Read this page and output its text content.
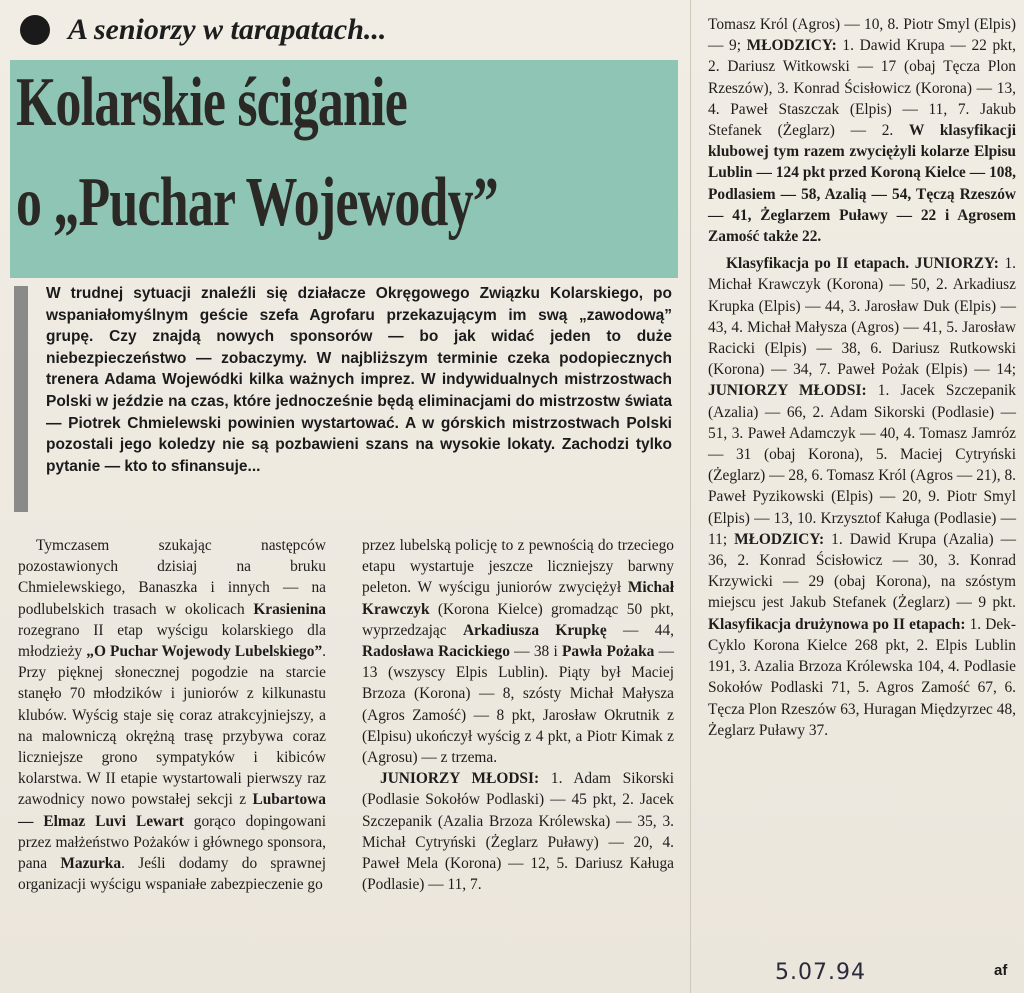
A seniorzy w tarapatach...
Kolarskie ściganie
o „Puchar Wojewody”
W trudnej sytuacji znaleźli się działacze Okręgowego Związku Kolarskiego, po wspaniałomyślnym geście szefa Agrofaru przekazującym im swą „zawodową” grupę. Czy znajdą nowych sponsorów — bo jak widać jeden to duże niebezpieczeństwo — zobaczymy. W najbliższym terminie czeka podopiecznych trenera Adama Wojewódki kilka ważnych imprez. W indywidualnych mistrzostwach Polski w jeździe na czas, które jednocześnie będą eliminacjami do mistrzostw świata — Piotrek Chmielewski powinien wystartować. A w górskich mistrzostwach Polski pozostali jego koledzy nie są pozbawieni szans na wysokie lokaty. Zachodzi tylko pytanie — kto to sfinansuje...

Tymczasem szukając następców pozostawionych dzisiaj na bruku Chmielewskiego, Banaszka i innych — na podlubelskich trasach w okolicach Krasienina rozegrano II etap wyścigu kolarskiego dla młodzieży „O Puchar Wojewody Lubelskiego”. Przy pięknej słonecznej pogodzie na starcie stanęło 70 młodzików i juniorów z kilkunastu klubów. Wyścig staje się coraz atrakcyjniejszy, a na malowniczą okrężną trasę przybywa coraz liczniejsze grono sympatyków i kibiców kolarstwa. W II etapie wystartowali pierwszy raz zawodnicy nowo powstałej sekcji z Lubartowa — Elmaz Luvi Lewart gorąco dopingowani przez małżeństwo Pożaków i głównego sponsora, pana Mazurka. Jeśli dodamy do sprawnej organizacji wyścigu wspaniałe zabezpieczenie go

przez lubelską policję to z pewnością do trzeciego etapu wystartuje jeszcze liczniejszy barwny peleton. W wyścigu juniorów zwyciężył Michał Krawczyk (Korona Kielce) gromadząc 50 pkt, wyprzedzając Arkadiusza Krupkę — 44, Radosława Racickiego — 38 i Pawła Pożaka — 13 (wszyscy Elpis Lublin). Piąty był Maciej Brzoza (Korona) — 8, szósty Michał Małysza (Agros Zamość) — 8 pkt, Jarosław Okrutnik z (Elpisu) ukończył wyścig z 4 pkt, a Piotr Kimak z (Agrosu) — z trzema.

JUNIORZY MŁODSI: 1. Adam Sikorski (Podlasie Sokołów Podlaski) — 45 pkt, 2. Jacek Szczepanik (Azalia Brzoza Królewska) — 35, 3. Michał Cytryński (Żeglarz Puławy) — 20, 4. Paweł Mela (Korona) — 12, 5. Dariusz Kaługa (Podlasie) — 11, 7.

Tomasz Król (Agros) — 10, 8. Piotr Smyl (Elpis) — 9; MŁODZICY: 1. Dawid Krupa — 22 pkt, 2. Dariusz Witkowski — 17 (obaj Tęcza Plon Rzeszów), 3. Konrad Ścisłowicz (Korona) — 13, 4. Paweł Staszczak (Elpis) — 11, 7. Jakub Stefanek (Żeglarz) — 2. W klasyfikacji klubowej tym razem zwyciężyli kolarze Elpisu Lublin — 124 pkt przed Koroną Kielce — 108, Podlasiem — 58, Azalią — 54, Tęczą Rzeszów — 41, Żeglarzem Puławy — 22 i Agrosem Zamość także 22.

Klasyfikacja po II etapach. JUNIORZY: 1. Michał Krawczyk (Korona) — 50, 2. Arkadiusz Krupka (Elpis) — 44, 3. Jarosław Duk (Elpis) — 43, 4. Michał Małysza (Agros) — 41, 5. Jarosław Racicki (Elpis) — 38, 6. Dariusz Rutkowski (Korona) — 34, 7. Paweł Pożak (Elpis) — 14; JUNIORZY MŁODSI: 1. Jacek Szczepanik (Azalia) — 66, 2. Adam Sikorski (Podlasie) — 51, 3. Paweł Adamczyk — 40, 4. Tomasz Jamróz — 31 (obaj Korona), 5. Maciej Cytryński (Żeglarz) — 28, 6. Tomasz Król (Agros — 21), 8. Paweł Pyzikowski (Elpis) — 20, 9. Piotr Smyl (Elpis) — 13, 10. Krzysztof Kaługa (Podlasie) — 11; MŁODZICY: 1. Dawid Krupa (Azalia) — 36, 2. Konrad Ścisłowicz — 30, 3. Konrad Krzywicki — 29 (obaj Korona), na szóstym miejscu jest Jakub Stefanek (Żeglarz) — 9 pkt. Klasyfikacja drużynowa po II etapach: 1. Dek-Cyklo Korona Kielce 268 pkt, 2. Elpis Lublin 191, 3. Azalia Brzoza Królewska 104, 4. Podlasie Sokołów Podlaski 71, 5. Agros Zamość 67, 6. Tęcza Plon Rzeszów 63, Huragan Międzyrzec 48, Żeglarz Puławy 37.

5.07.94	af
